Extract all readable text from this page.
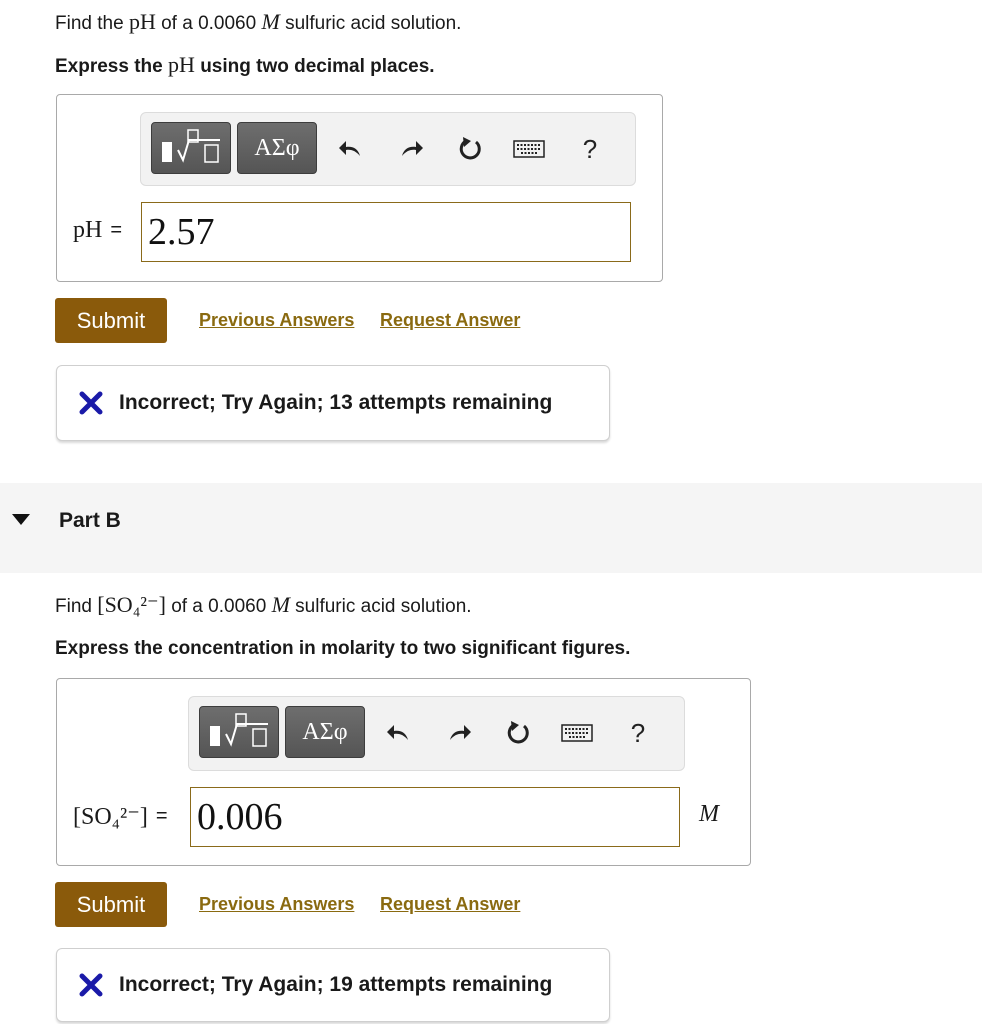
Find the
pH
of a 0.0060
M
sulfuric acid solution.
Express the pH using two decimal places.
ΑΣφ	?
pH = 2.57
Submit	Previous Answers Request Answer
Incorrect; Try Again; 13 attempts remaining
Part B
Find
[SO₄²⁻]
of a 0.0060
M
sulfuric acid solution.
Express the concentration in molarity to two significant figures.
ΑΣφ	?
[SO₄²⁻] = 0.006	M
Submit	Previous Answers Request Answer
Incorrect; Try Again; 19 attempts remaining
